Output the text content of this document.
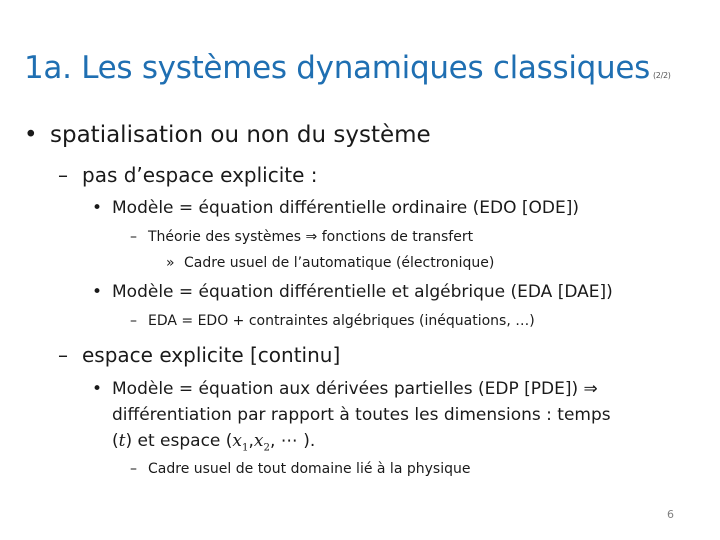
1a. Les systèmes dynamiques classiques (2/2)
• spatialisation ou non du système
– pas d’espace explicite :
• Modèle = équation différentielle ordinaire (EDO [ODE])
– Théorie des systèmes ⇒ fonctions de transfert
» Cadre usuel de l’automatique (électronique)
• Modèle = équation différentielle et algébrique (EDA [DAE])
– EDA = EDO + contraintes algébriques (inéquations, …)
– espace explicite [continu]
• Modèle = équation aux dérivées partielles (EDP [PDE]) ⇒
différentiation par rapport à toutes les dimensions : temps
(t) et espace ($x_1,x_2$, ⋯ ).
– Cadre usuel de tout domaine lié à la physique
6
